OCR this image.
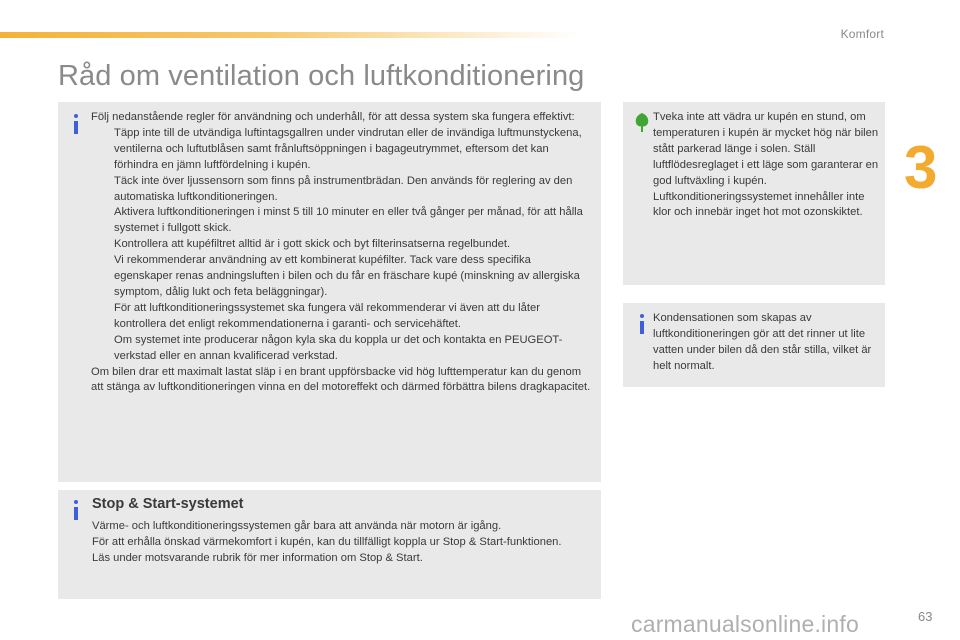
Komfort
3
Råd om ventilation och luftkonditionering
Följ nedanstående regler för användning och underhåll, för att dessa system ska fungera effektivt:
Täpp inte till de utvändiga luftintagsgallren under vindrutan eller de invändiga luftmunstyckena, ventilerna och luftutblåsen samt frånluftsöppningen i bagageutrymmet, eftersom det kan förhindra en jämn luftfördelning i kupén.
Täck inte över ljussensorn som finns på instrumentbrädan. Den används för reglering av den automatiska luftkonditioneringen.
Aktivera luftkonditioneringen i minst 5 till 10 minuter en eller två gånger per månad, för att hålla systemet i fullgott skick.
Kontrollera att kupéfiltret alltid är i gott skick och byt filterinsatserna regelbundet.
Vi rekommenderar användning av ett kombinerat kupéfilter. Tack vare dess specifika egenskaper renas andningsluften i bilen och du får en fräschare kupé (minskning av allergiska symptom, dålig lukt och feta beläggningar).
För att luftkonditioneringssystemet ska fungera väl rekommenderar vi även att du låter kontrollera det enligt rekommendationerna i garanti- och servicehäftet.
Om systemet inte producerar någon kyla ska du koppla ur det och kontakta en PEUGEOT-verkstad eller en annan kvalificerad verkstad.
Om bilen drar ett maximalt lastat släp i en brant uppförsbacke vid hög lufttemperatur kan du genom att stänga av luftkonditioneringen vinna en del motoreffekt och därmed förbättra bilens dragkapacitet.
Tveka inte att vädra ur kupén en stund, om temperaturen i kupén är mycket hög när bilen stått parkerad länge i solen. Ställ luftflödesreglaget i ett läge som garanterar en god luftväxling i kupén. Luftkonditioneringssystemet innehåller inte klor och innebär inget hot mot ozonskiktet.
Kondensationen som skapas av luftkonditioneringen gör att det rinner ut lite vatten under bilen då den står stilla, vilket är helt normalt.
Stop & Start-systemet
Värme- och luftkonditioneringssystemen går bara att använda när motorn är igång.
För att erhålla önskad värmekomfort i kupén, kan du tillfälligt koppla ur Stop & Start-funktionen.
Läs under motsvarande rubrik för mer information om Stop & Start.
carmanualsonline.info	63
